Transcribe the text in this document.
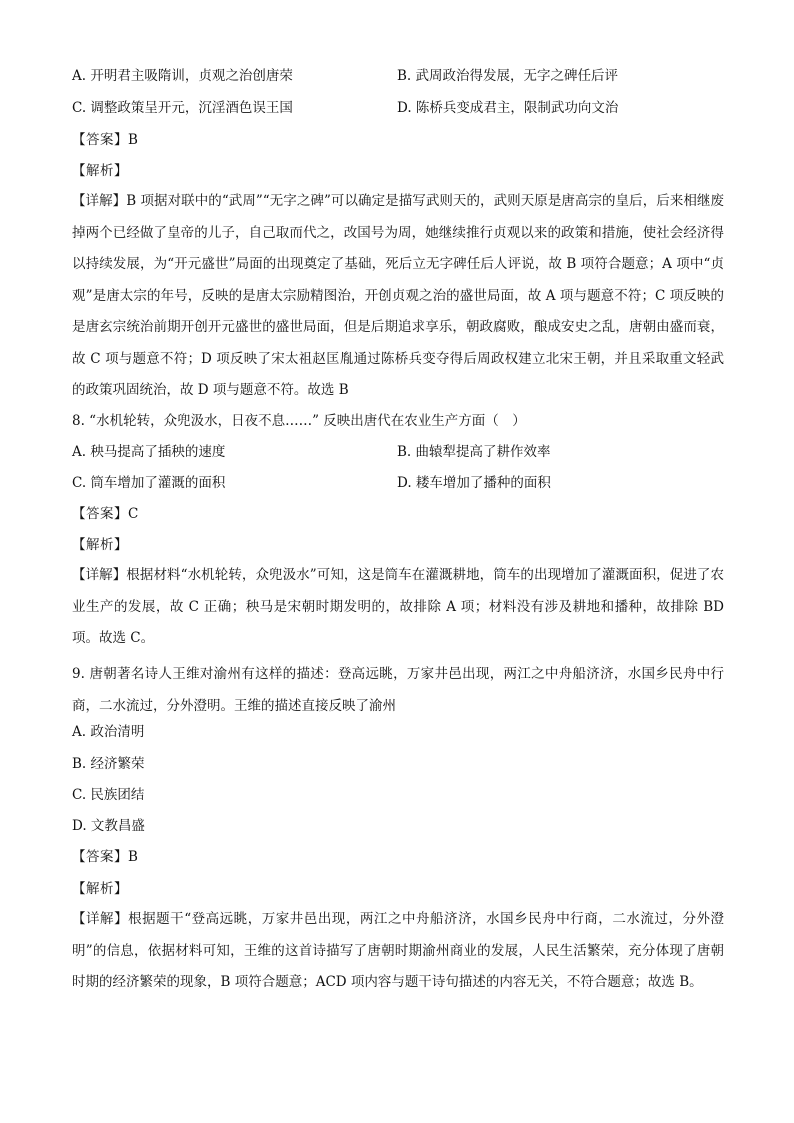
A. 开明君主吸隋训，贞观之治创唐荣	B. 武周政治得发展，无字之碑任后评
C. 调整政策呈开元，沉淫酒色误王国	D. 陈桥兵变成君主，限制武功向文治
【答案】B
【解析】
【详解】B 项据对联中的“武周”“无字之碑”可以确定是描写武则天的，武则天原是唐高宗的皇后，后来相继废掉两个已经做了皇帝的儿子，自己取而代之，改国号为周，她继续推行贞观以来的政策和措施，使社会经济得以持续发展，为“开元盛世”局面的出现奠定了基础，死后立无字碑任后人评说，故 B 项符合题意；A 项中“贞观”是唐太宗的年号，反映的是唐太宗励精图治，开创贞观之治的盛世局面，故 A 项与题意不符；C 项反映的是唐玄宗统治前期开创开元盛世的盛世局面，但是后期追求享乐，朝政腐败，酿成安史之乱，唐朝由盛而衰，故 C 项与题意不符；D 项反映了宋太祖赵匡胤通过陈桥兵变夺得后周政权建立北宋王朝，并且采取重文轻武的政策巩固统治，故 D 项与题意不符。故选 B
8. “水机轮转，众兜汲水，日夜不息……” 反映出唐代在农业生产方面（　）
A. 秧马提高了插秧的速度	B. 曲辕犁提高了耕作效率
C. 筒车增加了灌溉的面积	D. 耧车增加了播种的面积
【答案】C
【解析】
【详解】根据材料“水机轮转，众兜汲水”可知，这是筒车在灌溉耕地，筒车的出现增加了灌溉面积，促进了农业生产的发展，故 C 正确；秧马是宋朝时期发明的，故排除 A 项；材料没有涉及耕地和播种，故排除 BD 项。故选 C。
9. 唐朝著名诗人王维对渝州有这样的描述：登高远眺，万家井邑出现，两江之中舟船济济，水国乡民舟中行商，二水流过，分外澄明。王维的描述直接反映了渝州
A. 政治清明
B. 经济繁荣
C. 民族团结
D. 文教昌盛
【答案】B
【解析】
【详解】根据题干“登高远眺，万家井邑出现，两江之中舟船济济，水国乡民舟中行商，二水流过，分外澄明”的信息，依据材料可知，王维的这首诗描写了唐朝时期渝州商业的发展，人民生活繁荣，充分体现了唐朝时期的经济繁荣的现象，B 项符合题意；ACD 项内容与题干诗句描述的内容无关，不符合题意；故选 B。
